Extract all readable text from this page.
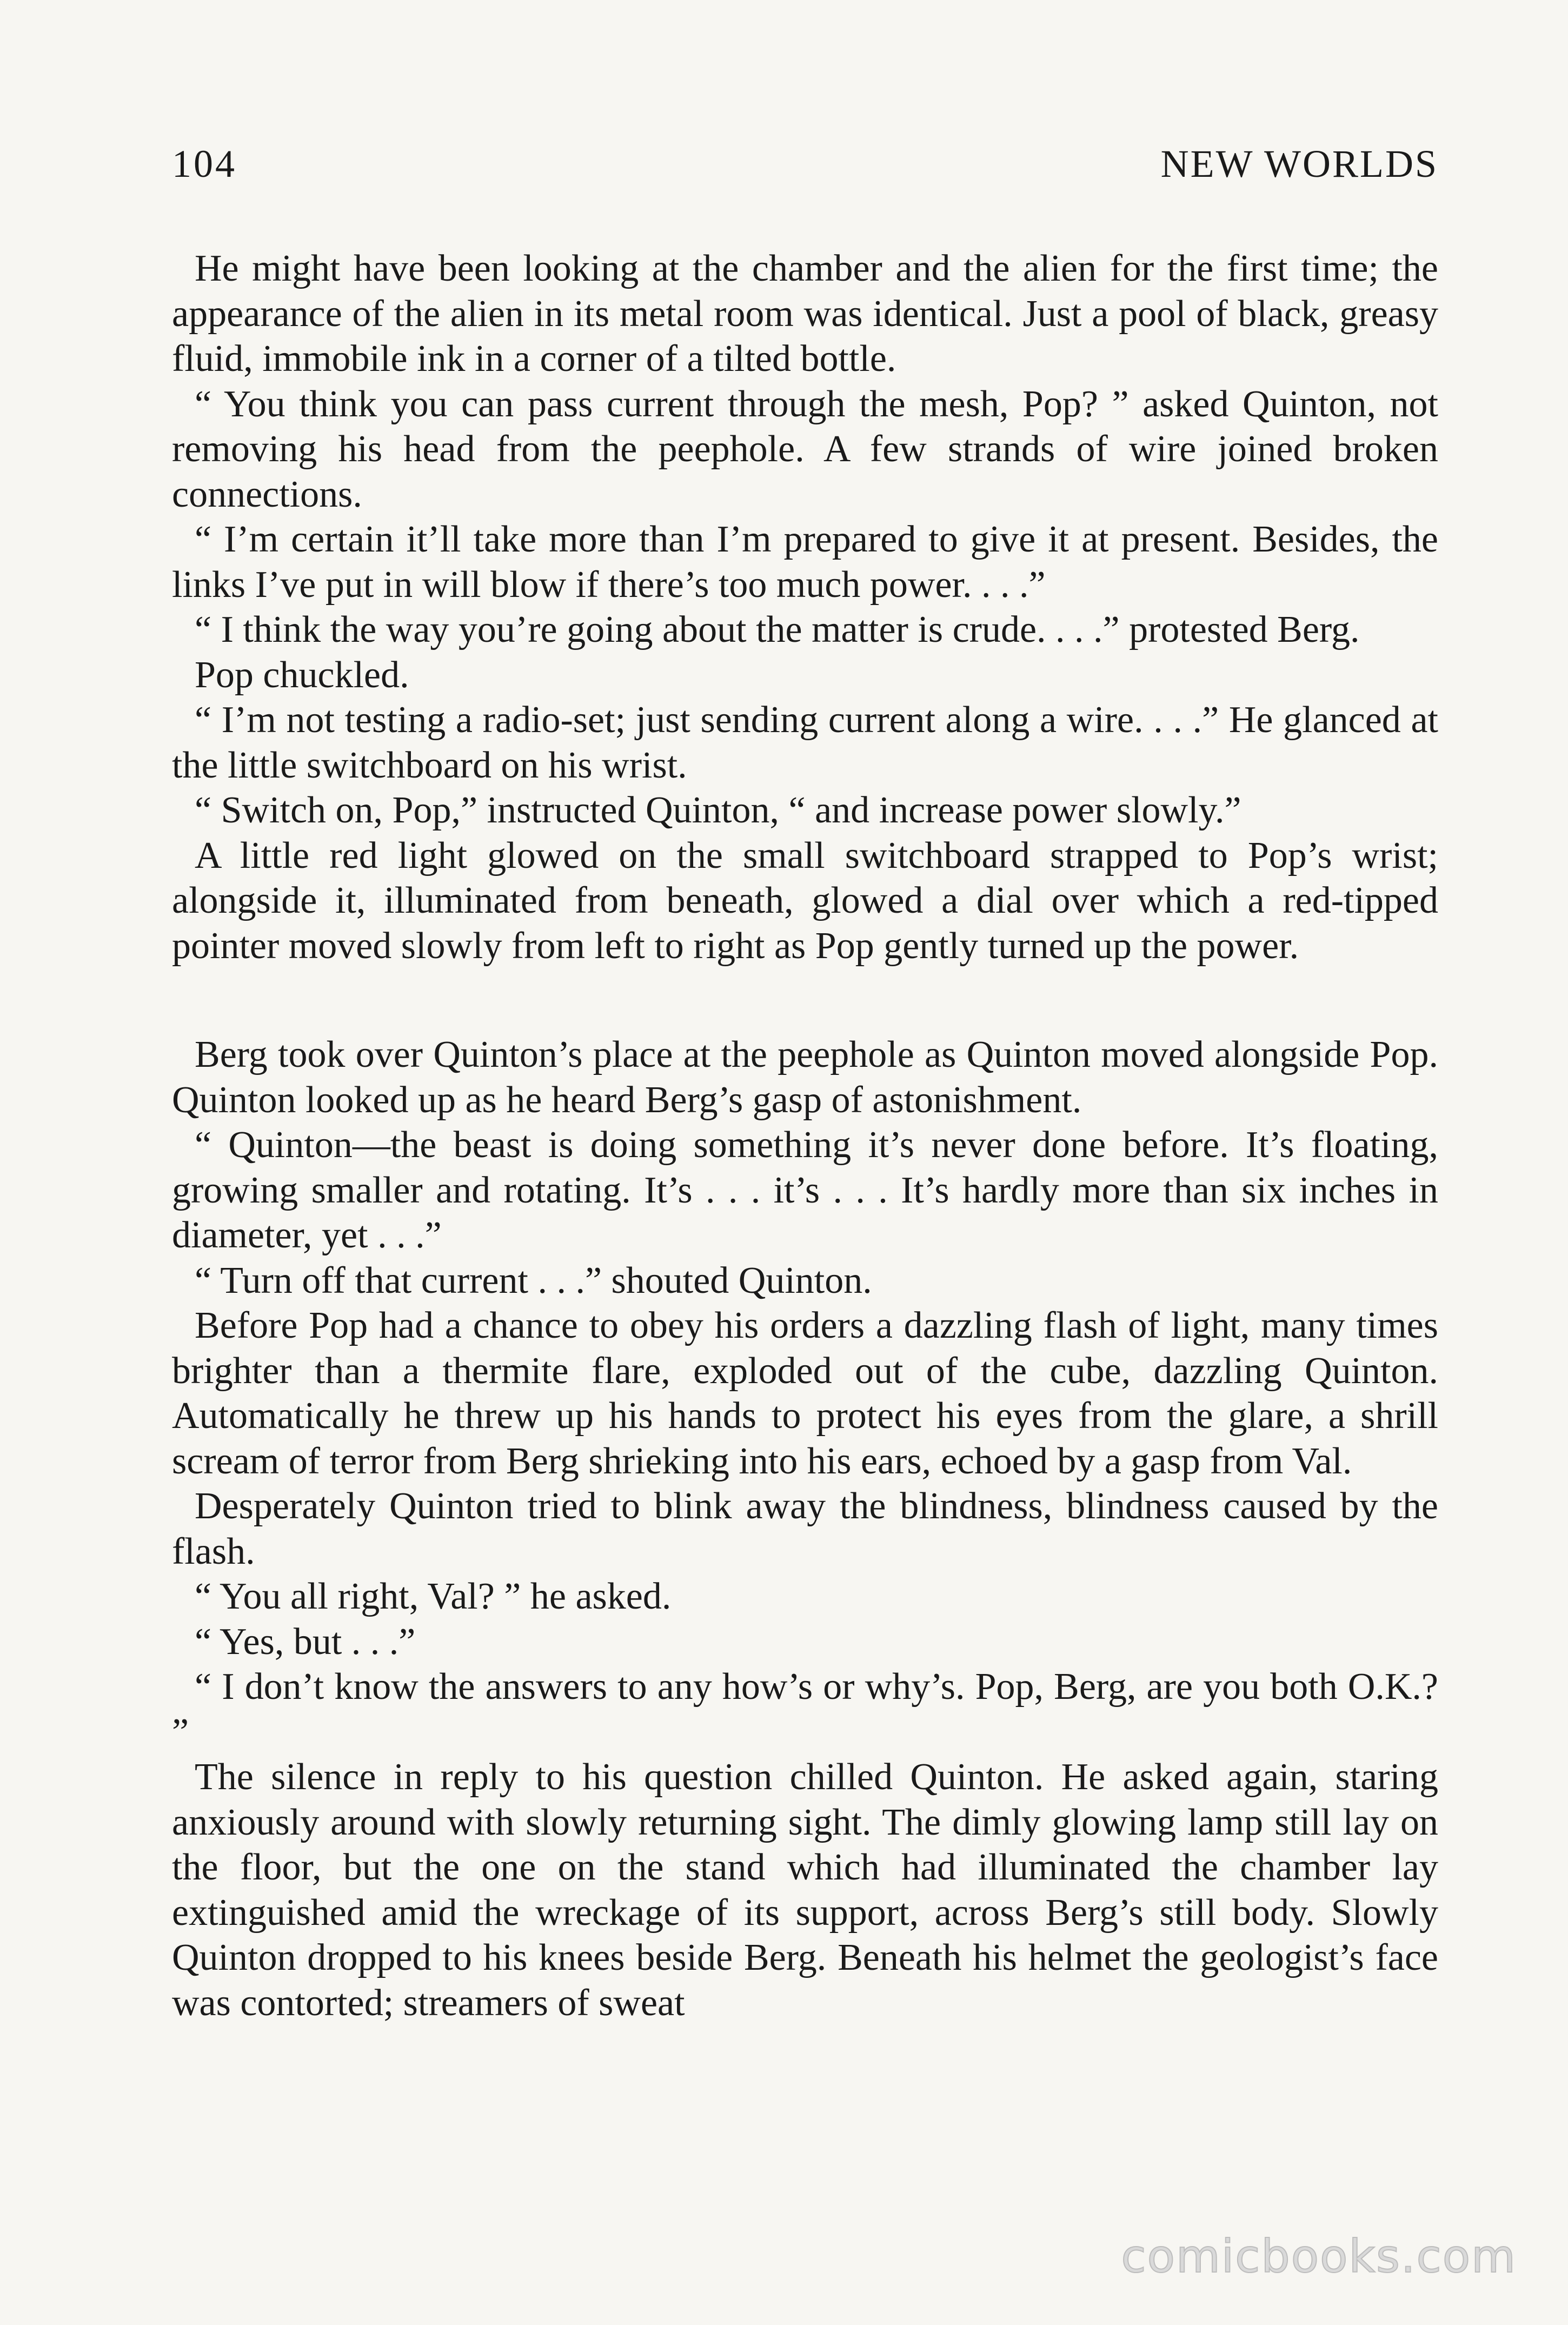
104	NEW WORLDS

He might have been looking at the chamber and the alien for the first time; the appearance of the alien in its metal room was identical. Just a pool of black, greasy fluid, immobile ink in a corner of a tilted bottle.

“ You think you can pass current through the mesh, Pop? ” asked Quinton, not removing his head from the peephole. A few strands of wire joined broken connections.

“ I’m certain it’ll take more than I’m prepared to give it at present. Besides, the links I’ve put in will blow if there’s too much power. . . .”

“ I think the way you’re going about the matter is crude. . . .” protested Berg.

Pop chuckled.

“ I’m not testing a radio-set; just sending current along a wire. . . .” He glanced at the little switchboard on his wrist.

“ Switch on, Pop,” instructed Quinton, “ and increase power slowly.”

A little red light glowed on the small switchboard strapped to Pop’s wrist; alongside it, illuminated from beneath, glowed a dial over which a red-tipped pointer moved slowly from left to right as Pop gently turned up the power.

Berg took over Quinton’s place at the peephole as Quinton moved alongside Pop. Quinton looked up as he heard Berg’s gasp of astonishment.

“ Quinton—the beast is doing something it’s never done before. It’s floating, growing smaller and rotating. It’s . . . it’s . . . It’s hardly more than six inches in diameter, yet . . .”

“ Turn off that current . . .” shouted Quinton.

Before Pop had a chance to obey his orders a dazzling flash of light, many times brighter than a thermite flare, exploded out of the cube, dazzling Quinton. Automatically he threw up his hands to protect his eyes from the glare, a shrill scream of terror from Berg shrieking into his ears, echoed by a gasp from Val.

Desperately Quinton tried to blink away the blindness, blindness caused by the flash.

“ You all right, Val? ” he asked.

“ Yes, but . . .”

“ I don’t know the answers to any how’s or why’s. Pop, Berg, are you both O.K.? ”

The silence in reply to his question chilled Quinton. He asked again, staring anxiously around with slowly returning sight. The dimly glowing lamp still lay on the floor, but the one on the stand which had illuminated the chamber lay extinguished amid the wreckage of its support, across Berg’s still body. Slowly Quinton dropped to his knees beside Berg. Beneath his helmet the geologist’s face was contorted; streamers of sweat

comicbooks.com
